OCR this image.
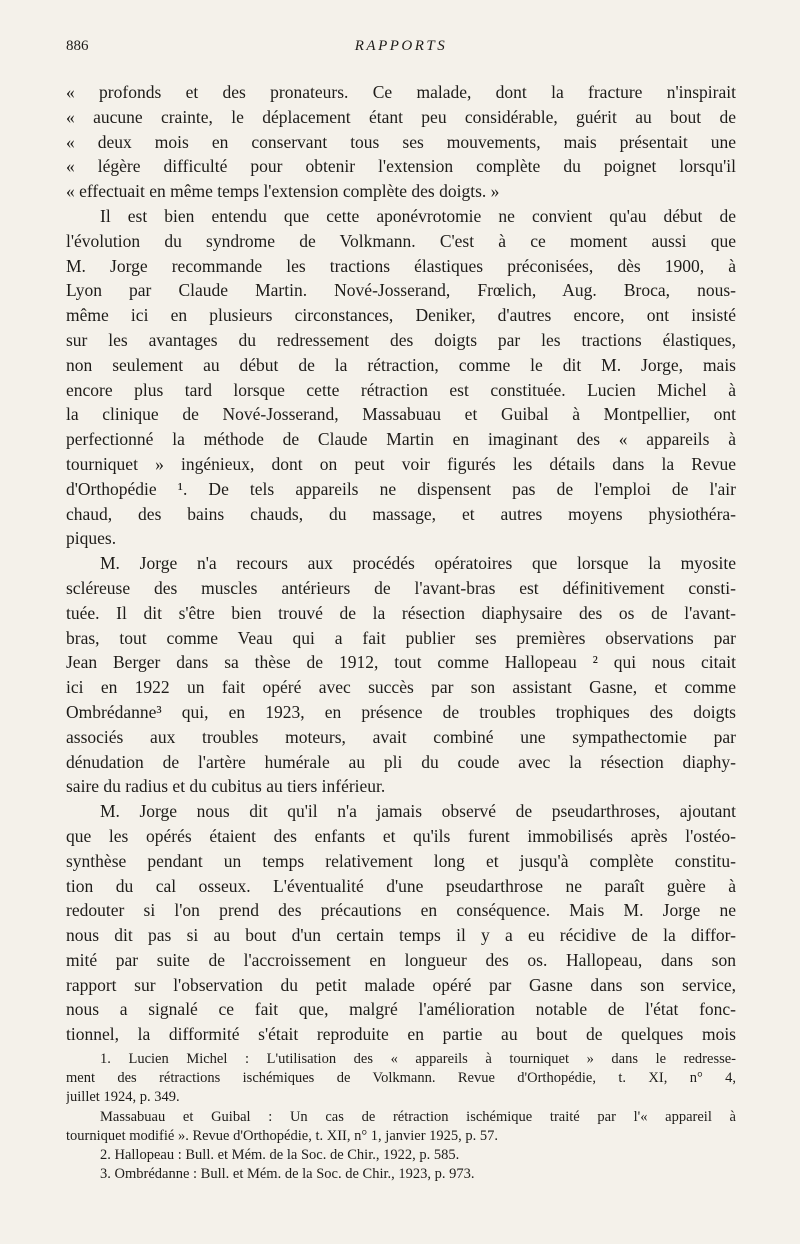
886	RAPPORTS
« profonds et des pronateurs. Ce malade, dont la fracture n'inspirait
« aucune crainte, le déplacement étant peu considérable, guérit au bout de
« deux mois en conservant tous ses mouvements, mais présentait une
« légère difficulté pour obtenir l'extension complète du poignet lorsqu'il
« effectuait en même temps l'extension complète des doigts. »
Il est bien entendu que cette aponévrotomie ne convient qu'au début de
l'évolution du syndrome de Volkmann. C'est à ce moment aussi que
M. Jorge recommande les tractions élastiques préconisées, dès 1900, à
Lyon par Claude Martin. Nové-Josserand, Frœlich, Aug. Broca, nous-
même ici en plusieurs circonstances, Deniker, d'autres encore, ont insisté
sur les avantages du redressement des doigts par les tractions élastiques,
non seulement au début de la rétraction, comme le dit M. Jorge, mais
encore plus tard lorsque cette rétraction est constituée. Lucien Michel à
la clinique de Nové-Josserand, Massabuau et Guibal à Montpellier, ont
perfectionné la méthode de Claude Martin en imaginant des « appareils à
tourniquet » ingénieux, dont on peut voir figurés les détails dans la Revue
d'Orthopédie ¹. De tels appareils ne dispensent pas de l'emploi de l'air
chaud, des bains chauds, du massage, et autres moyens physiothéra-
piques.
M. Jorge n'a recours aux procédés opératoires que lorsque la myosite
scléreuse des muscles antérieurs de l'avant-bras est définitivement consti-
tuée. Il dit s'être bien trouvé de la résection diaphysaire des os de l'avant-
bras, tout comme Veau qui a fait publier ses premières observations par
Jean Berger dans sa thèse de 1912, tout comme Hallopeau ² qui nous citait
ici en 1922 un fait opéré avec succès par son assistant Gasne, et comme
Ombrédanne³ qui, en 1923, en présence de troubles trophiques des doigts
associés aux troubles moteurs, avait combiné une sympathectomie par
dénudation de l'artère humérale au pli du coude avec la résection diaphy-
saire du radius et du cubitus au tiers inférieur.
M. Jorge nous dit qu'il n'a jamais observé de pseudarthroses, ajoutant
que les opérés étaient des enfants et qu'ils furent immobilisés après l'ostéo-
synthèse pendant un temps relativement long et jusqu'à complète constitu-
tion du cal osseux. L'éventualité d'une pseudarthrose ne paraît guère à
redouter si l'on prend des précautions en conséquence. Mais M. Jorge ne
nous dit pas si au bout d'un certain temps il y a eu récidive de la diffor-
mité par suite de l'accroissement en longueur des os. Hallopeau, dans son
rapport sur l'observation du petit malade opéré par Gasne dans son service,
nous a signalé ce fait que, malgré l'amélioration notable de l'état fonc-
tionnel, la difformité s'était reproduite en partie au bout de quelques mois
1. Lucien Michel : L'utilisation des « appareils à tourniquet » dans le redresse-
ment des rétractions ischémiques de Volkmann. Revue d'Orthopédie, t. XI, n° 4,
juillet 1924, p. 349.
Massabuau et Guibal : Un cas de rétraction ischémique traité par l'« appareil à
tourniquet modifié ». Revue d'Orthopédie, t. XII, n° 1, janvier 1925, p. 57.
2. Hallopeau : Bull. et Mém. de la Soc. de Chir., 1922, p. 585.
3. Ombrédanne : Bull. et Mém. de la Soc. de Chir., 1923, p. 973.
